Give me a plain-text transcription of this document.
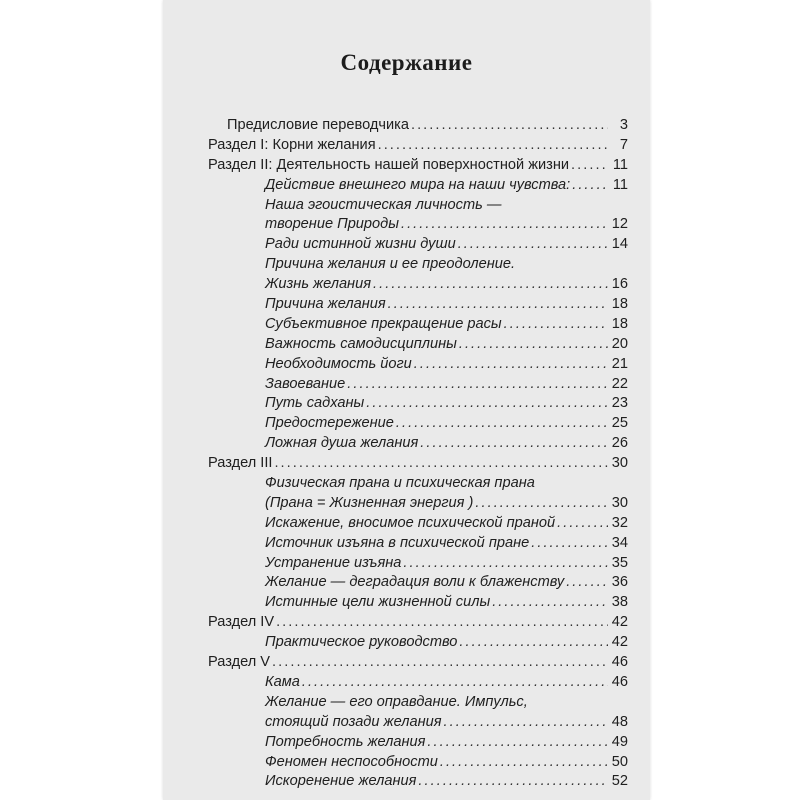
Содержание
Предисловие переводчика . . .	3
Раздел I: Корни желания . . .	7
Раздел II: Деятельность нашей поверхностной жизни . . .	11
Действие внешнего мира на наши чувства: . . .	11
Наша эгоистическая личность —
творение Природы . . .	12
Ради истинной жизни души . . .	14
Причина желания и ее преодоление.
Жизнь желания . . .	16
Причина желания . . .	18
Субъективное прекращение расы . . .	18
Важность самодисциплины . . .	20
Необходимость йоги . . .	21
Завоевание . . .	22
Путь садханы . . .	23
Предостережение . . .	25
Ложная душа желания . . .	26
Раздел III . . .	30
Физическая прана и психическая прана
(Прана = Жизненная энергия ) . . .	30
Искажение, вносимое психической праной . . .	32
Источник изъяна в психической пране . . .	34
Устранение изъяна . . .	35
Желание — деградация воли к блаженству . . .	36
Истинные цели жизненной силы . . .	38
Раздел IV . . .	42
Практическое руководство . . .	42
Раздел V . . .	46
Кама . . .	46
Желание — его оправдание. Импульс,
стоящий позади желания . . .	48
Потребность желания . . .	49
Феномен неспособности . . .	50
Искоренение желания . . .	52
